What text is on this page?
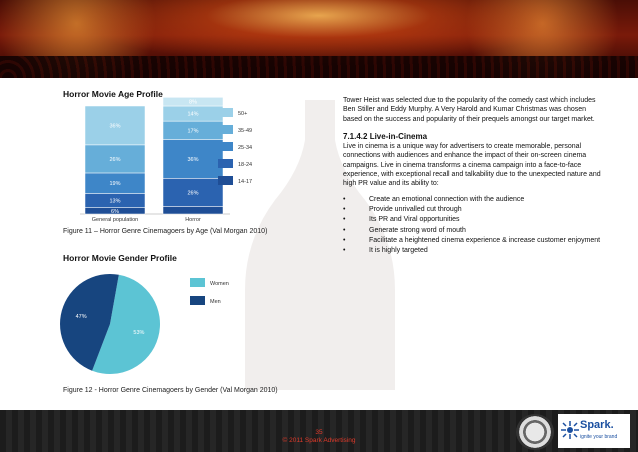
Horror Movie Age Profile
6%
13%
19%
26%
36%
General population
26%
36%
17%
14%
8%
Horror
50+
35-49
25-34
18-24
14-17
Figure 11 – Horror Genre Cinemagoers by Age (Val Morgan 2010)
Horror Movie Gender Profile
53%
47%
Women
Men
Figure 12 - Horror Genre Cinemagoers by Gender (Val Morgan 2010)
Tower Heist was selected due to the popularity of the comedy cast which includes Ben Stiller and Eddy Murphy. A Very Harold and Kumar Christmas was chosen based on the success and popularity of their prequels amongst our target market.
7.1.4.2 Live-in-Cinema
Live in cinema is a unique way for advertisers to create memorable, personal connections with audiences and enhance the impact of their on-screen cinema campaigns. Live in cinema transforms a cinema campaign into a face-to-face experience, with exceptional recall and talkability due to the unexpected nature and high PR value and its ability to:
•	Create an emotional connection with the audience
•	Provide unrivalled cut through
•	Its PR and Viral opportunities
•	Generate strong word of mouth
•	Facilitate a heightened cinema experience & increase customer enjoyment
•	It is highly targeted
35
© 2011 Spark Advertising
Spark.
ignite your brand
